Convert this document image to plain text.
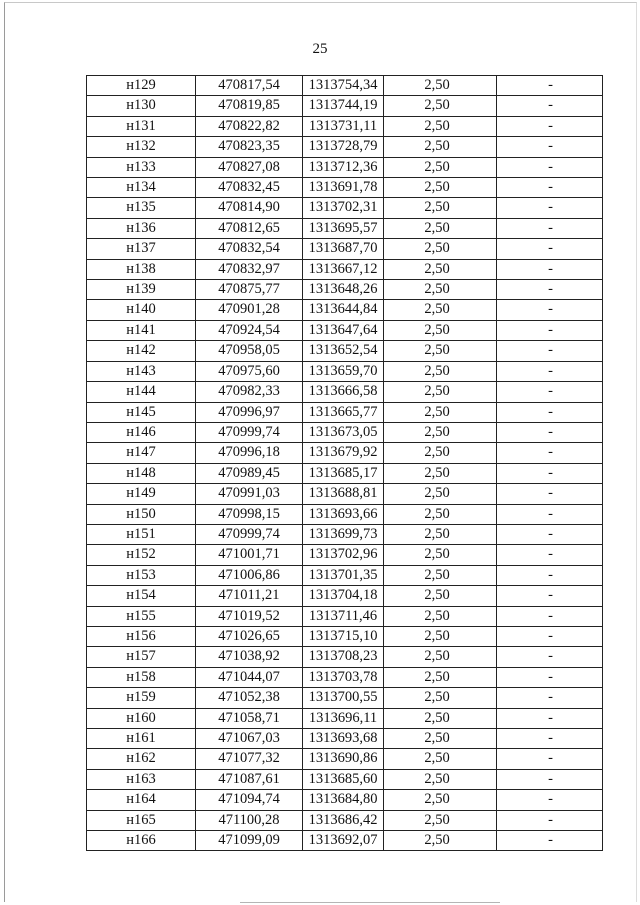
25
н129	470817,54	1313754,34	2,50	-
н130	470819,85	1313744,19	2,50	-
н131	470822,82	1313731,11	2,50	-
н132	470823,35	1313728,79	2,50	-
н133	470827,08	1313712,36	2,50	-
н134	470832,45	1313691,78	2,50	-
н135	470814,90	1313702,31	2,50	-
н136	470812,65	1313695,57	2,50	-
н137	470832,54	1313687,70	2,50	-
н138	470832,97	1313667,12	2,50	-
н139	470875,77	1313648,26	2,50	-
н140	470901,28	1313644,84	2,50	-
н141	470924,54	1313647,64	2,50	-
н142	470958,05	1313652,54	2,50	-
н143	470975,60	1313659,70	2,50	-
н144	470982,33	1313666,58	2,50	-
н145	470996,97	1313665,77	2,50	-
н146	470999,74	1313673,05	2,50	-
н147	470996,18	1313679,92	2,50	-
н148	470989,45	1313685,17	2,50	-
н149	470991,03	1313688,81	2,50	-
н150	470998,15	1313693,66	2,50	-
н151	470999,74	1313699,73	2,50	-
н152	471001,71	1313702,96	2,50	-
н153	471006,86	1313701,35	2,50	-
н154	471011,21	1313704,18	2,50	-
н155	471019,52	1313711,46	2,50	-
н156	471026,65	1313715,10	2,50	-
н157	471038,92	1313708,23	2,50	-
н158	471044,07	1313703,78	2,50	-
н159	471052,38	1313700,55	2,50	-
н160	471058,71	1313696,11	2,50	-
н161	471067,03	1313693,68	2,50	-
н162	471077,32	1313690,86	2,50	-
н163	471087,61	1313685,60	2,50	-
н164	471094,74	1313684,80	2,50	-
н165	471100,28	1313686,42	2,50	-
н166	471099,09	1313692,07	2,50	-
